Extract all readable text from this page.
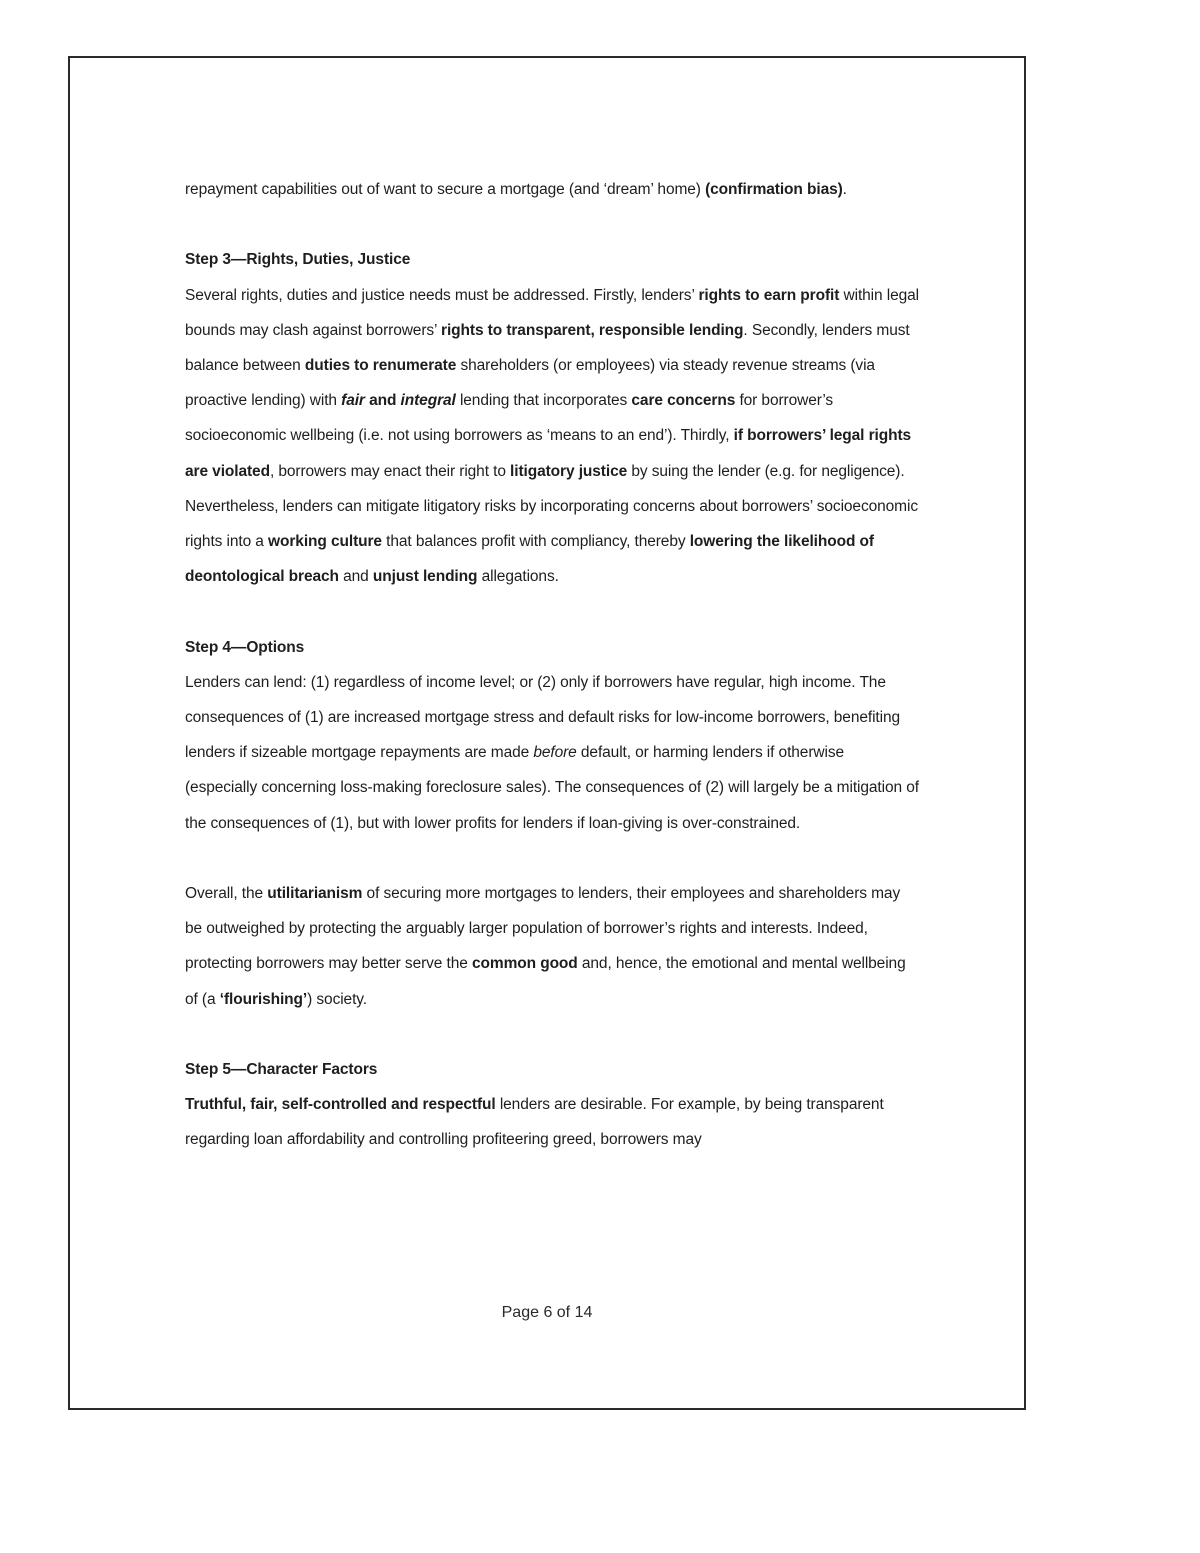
repayment capabilities out of want to secure a mortgage (and ‘dream’ home) (confirmation bias).

Step 3—Rights, Duties, Justice

Several rights, duties and justice needs must be addressed. Firstly, lenders’ rights to earn profit within legal bounds may clash against borrowers’ rights to transparent, responsible lending. Secondly, lenders must balance between duties to renumerate shareholders (or employees) via steady revenue streams (via proactive lending) with fair and integral lending that incorporates care concerns for borrower’s socioeconomic wellbeing (i.e. not using borrowers as ‘means to an end’). Thirdly, if borrowers’ legal rights are violated, borrowers may enact their right to litigatory justice by suing the lender (e.g. for negligence). Nevertheless, lenders can mitigate litigatory risks by incorporating concerns about borrowers’ socioeconomic rights into a working culture that balances profit with compliancy, thereby lowering the likelihood of deontological breach and unjust lending allegations.

Step 4—Options

Lenders can lend: (1) regardless of income level; or (2) only if borrowers have regular, high income. The consequences of (1) are increased mortgage stress and default risks for low-income borrowers, benefiting lenders if sizeable mortgage repayments are made before default, or harming lenders if otherwise (especially concerning loss-making foreclosure sales). The consequences of (2) will largely be a mitigation of the consequences of (1), but with lower profits for lenders if loan-giving is over-constrained.

Overall, the utilitarianism of securing more mortgages to lenders, their employees and shareholders may be outweighed by protecting the arguably larger population of borrower’s rights and interests. Indeed, protecting borrowers may better serve the common good and, hence, the emotional and mental wellbeing of (a ‘flourishing’) society.

Step 5—Character Factors

Truthful, fair, self-controlled and respectful lenders are desirable. For example, by being transparent regarding loan affordability and controlling profiteering greed, borrowers may

Page 6 of 14
